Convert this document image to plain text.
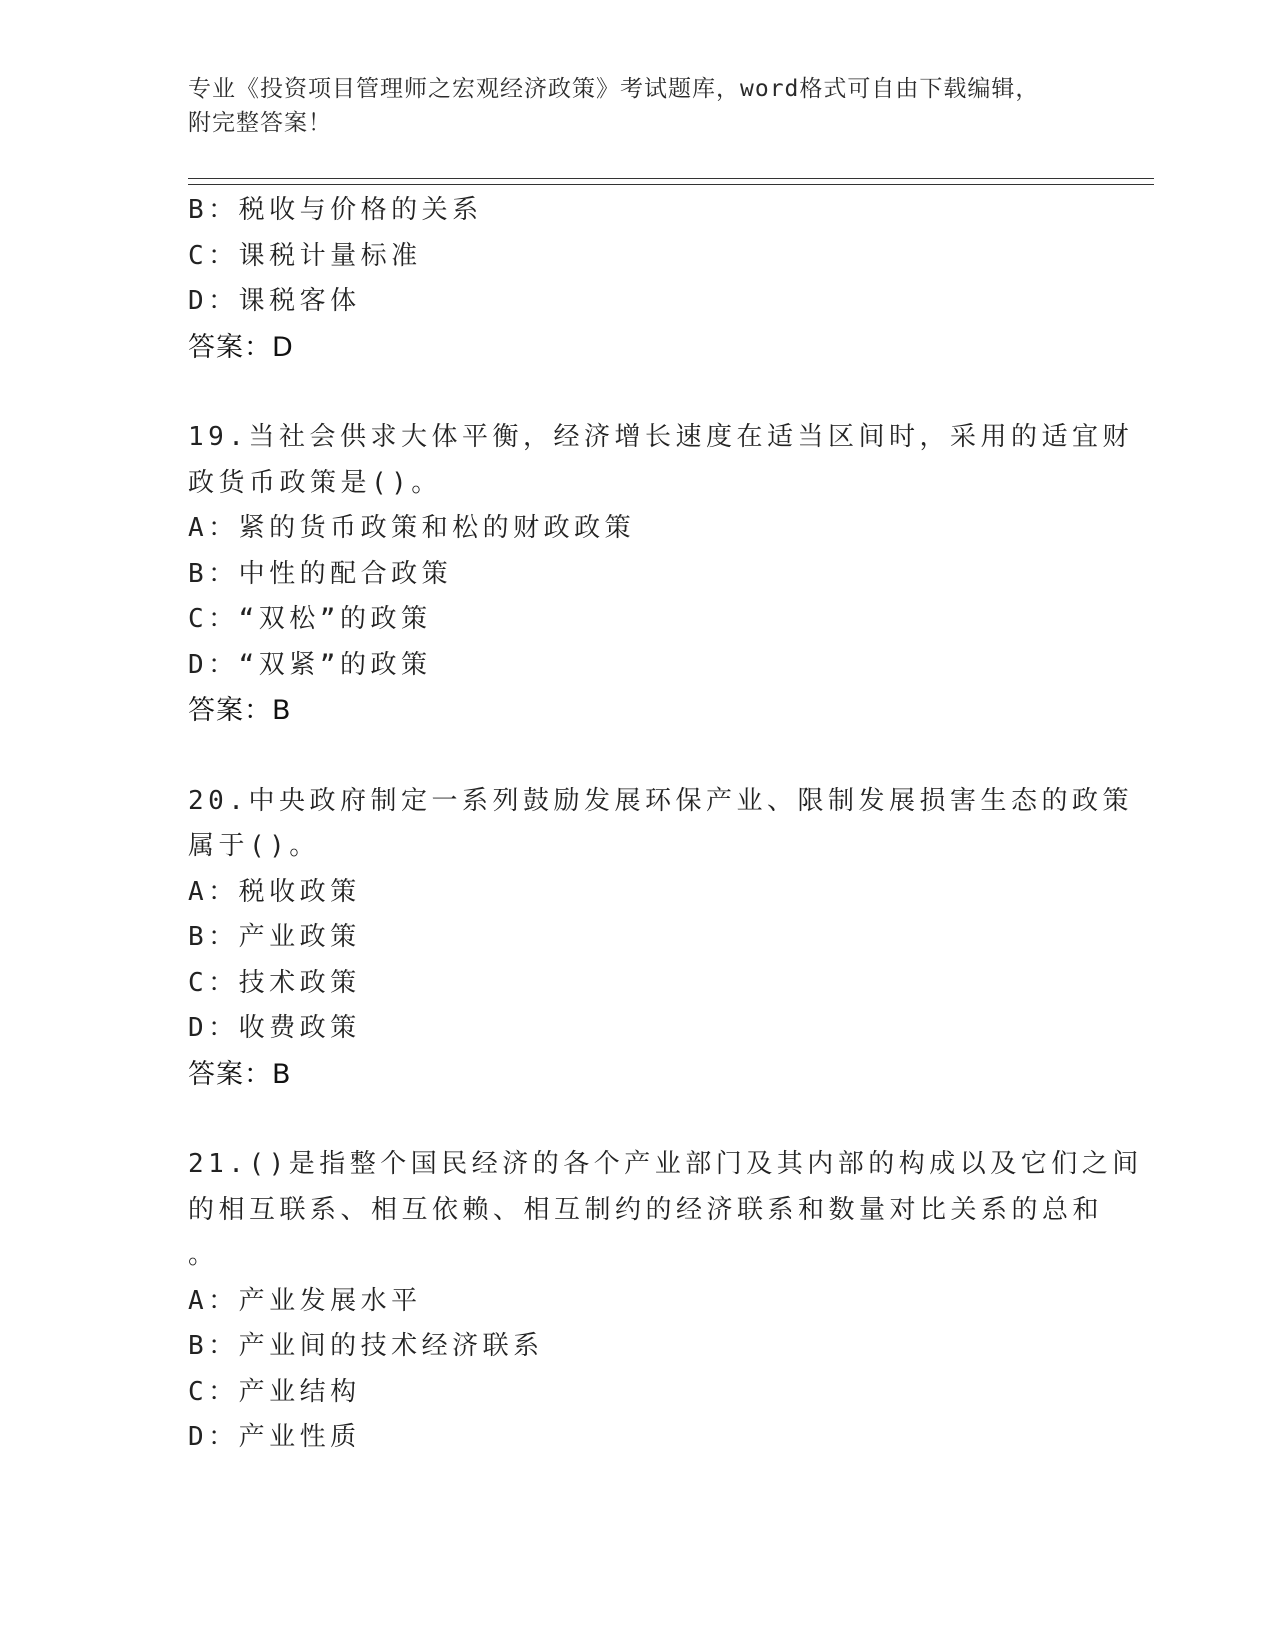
专业《投资项目管理师之宏观经济政策》考试题库，word格式可自由下载编辑，
附完整答案！
B：税收与价格的关系
C：课税计量标准
D：课税客体
答案：D
19.当社会供求大体平衡，经济增长速度在适当区间时，采用的适宜财
政货币政策是()。
A：紧的货币政策和松的财政政策
B：中性的配合政策
C：“双松”的政策
D：“双紧”的政策
答案：B
20.中央政府制定一系列鼓励发展环保产业、限制发展损害生态的政策
属于()。
A：税收政策
B：产业政策
C：技术政策
D：收费政策
答案：B
21.()是指整个国民经济的各个产业部门及其内部的构成以及它们之间
的相互联系、相互依赖、相互制约的经济联系和数量对比关系的总和
。
A：产业发展水平
B：产业间的技术经济联系
C：产业结构
D：产业性质
